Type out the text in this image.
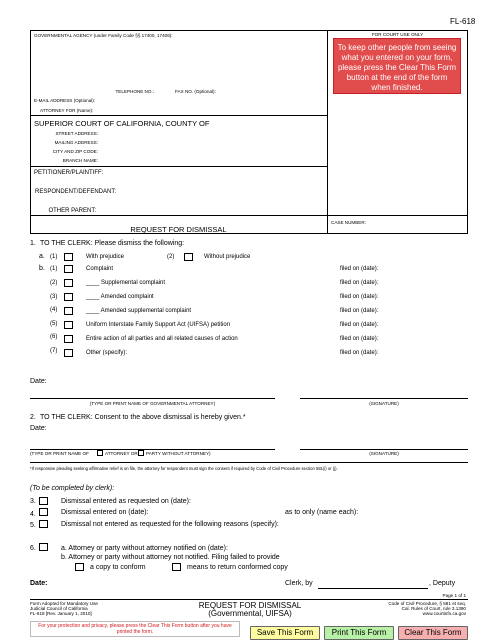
FL-618
GOVERNMENTAL AGENCY (under Family Code §§ 17400, 17406):
TELEPHONE NO.:	FAX NO. (Optional):
E-MAIL ADDRESS (Optional):
ATTORNEY FOR (Name):
FOR COURT USE ONLY
To keep other people from seeing what you entered on your form, please press the Clear This Form button at the end of the form when finished.
SUPERIOR COURT OF CALIFORNIA, COUNTY OF
STREET ADDRESS:
MAILING ADDRESS:
CITY AND ZIP CODE:
BRANCH NAME:
PETITIONER/PLAINTIFF:
RESPONDENT/DEFENDANT:
OTHER PARENT:
REQUEST FOR DISMISSAL
CASE NUMBER:
1. TO THE CLERK: Please dismiss the following:
a. (1)	With prejudice	(2)	Without prejudice
b. (1)	Complaint	filed on (date):
(2)	____ Supplemental complaint	filed on (date):
(3)	____ Amended complaint	filed on (date):
(4)	____ Amended supplemental complaint	filed on (date):
(5)	Uniform Interstate Family Support Act (UIFSA) petition	filed on (date):
(6)	Entire action of all parties and all related causes of action	filed on (date):
(7)	Other (specify):	filed on (date):
Date:
(TYPE OR PRINT NAME OF GOVERNMENTAL ATTORNEY)	(SIGNATURE)
2. TO THE CLERK: Consent to the above dismissal is hereby given.*
Date:
(TYPE OR PRINT NAME OF	ATTORNEY OR PARTY WITHOUT ATTORNEY)	(SIGNATURE)
*If responsive pleading seeking affirmative relief is on file, the attorney for respondent must sign the consent if required by Code of Civil Procedure section 581(i) or (j).
(To be completed by clerk):
3.	Dismissal entered as requested on (date):
4.	Dismissal entered on (date):	as to only (name each):
5.	Dismissal not entered as requested for the following reasons (specify):
6.	a. Attorney or party without attorney notified on (date):
b. Attorney or party without attorney not notified. Filing failed to provide
a copy to conform	means to return conformed copy
Date:	Clerk, by	, Deputy
Page 1 of 1
Form Adopted for Mandatory Use
Judicial Council of California
FL-618 [Rev. January 1, 2010]
REQUEST FOR DISMISSAL
(Governmental, UIFSA)
Code of Civil Procedure, § 581 et seq.
Cal. Rules of Court, rule 3.1390
www.courtinfo.ca.gov
For your protection and privacy, please press the Clear This Form button after you have printed the form.	Save This Form	Print This Form	Clear This Form
